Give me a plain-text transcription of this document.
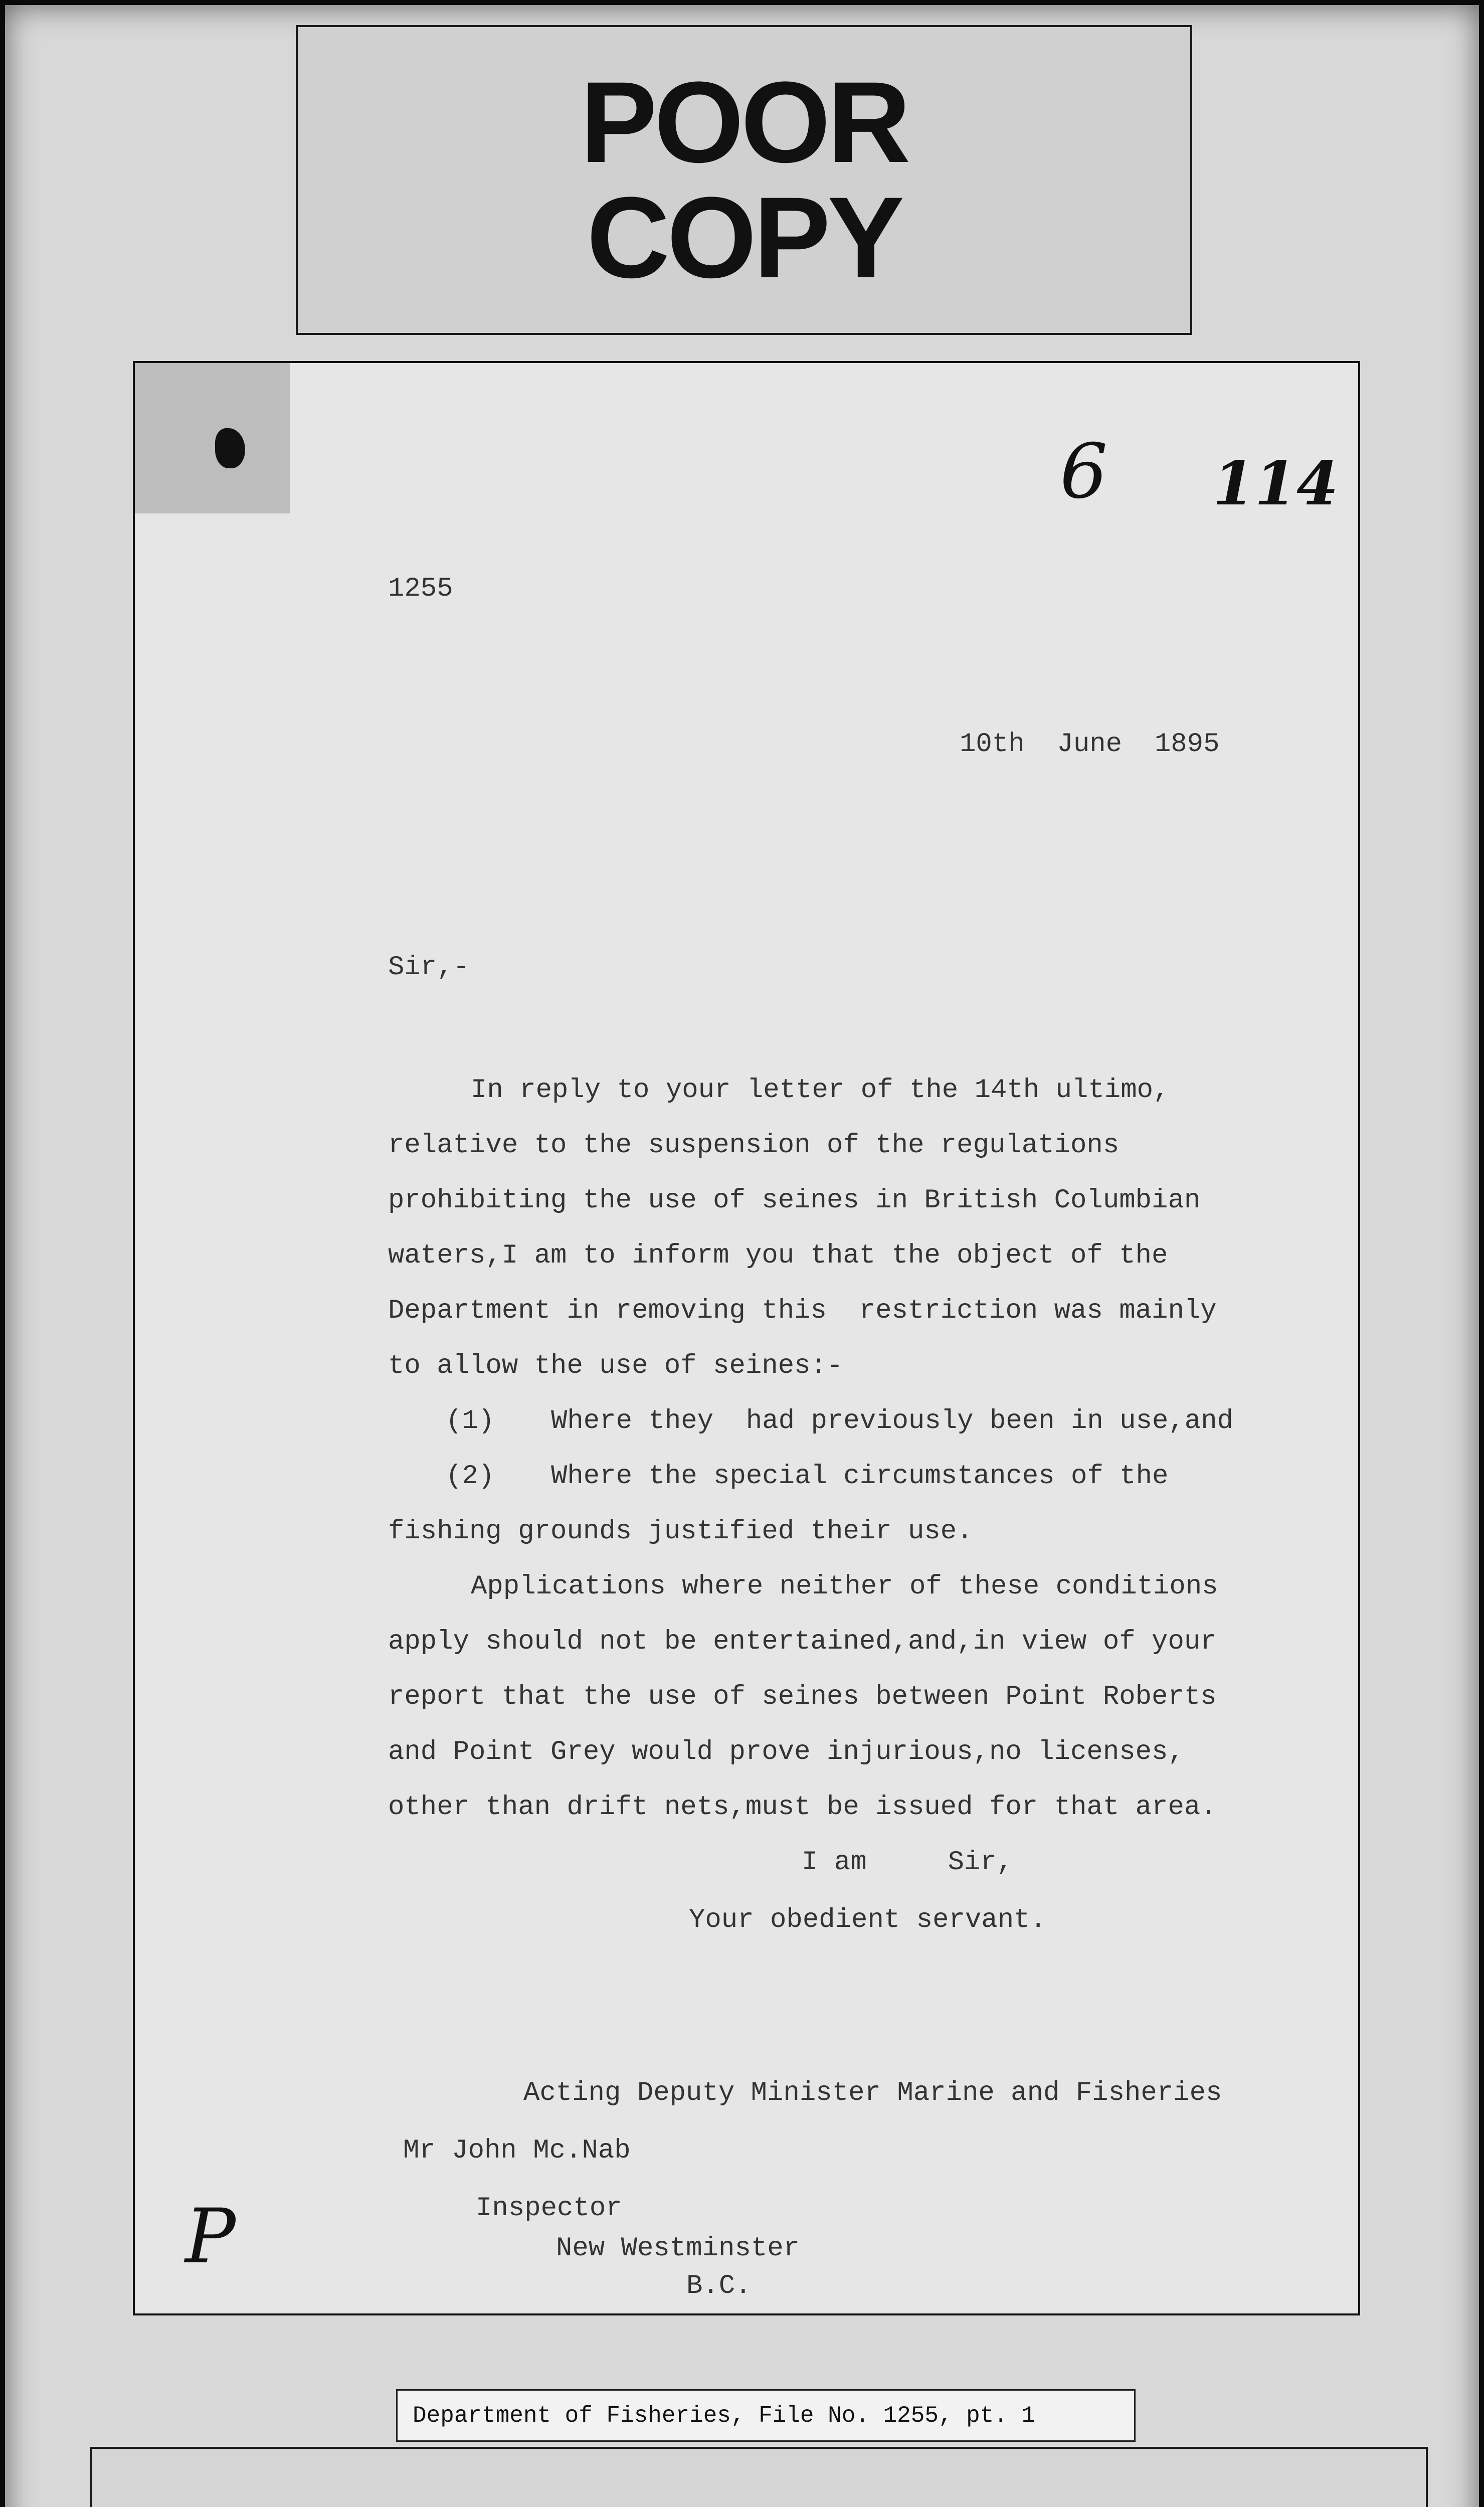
POOR
COPY
6 114
1255
10th  June  1895
Sir,-
In reply to your letter of the 14th ultimo,
relative to the suspension of the regulations
prohibiting the use of seines in British Columbian
waters,I am to inform you that the object of the
Department in removing this  restriction was mainly
to allow the use of seines:-
(1) Where they  had previously been in use,and
(2) Where the special circumstances of the
fishing grounds justified their use.
Applications where neither of these conditions
apply should not be entertained,and,in view of your
report that the use of seines between Point Roberts
and Point Grey would prove injurious,no licenses,
other than drift nets,must be issued for that area.
I am     Sir,
Your obedient servant.
Acting Deputy Minister Marine and Fisheries
Mr John Mc.Nab
Inspector
New Westminster
B.C.
P
Department of Fisheries, File No. 1255, pt. 1
